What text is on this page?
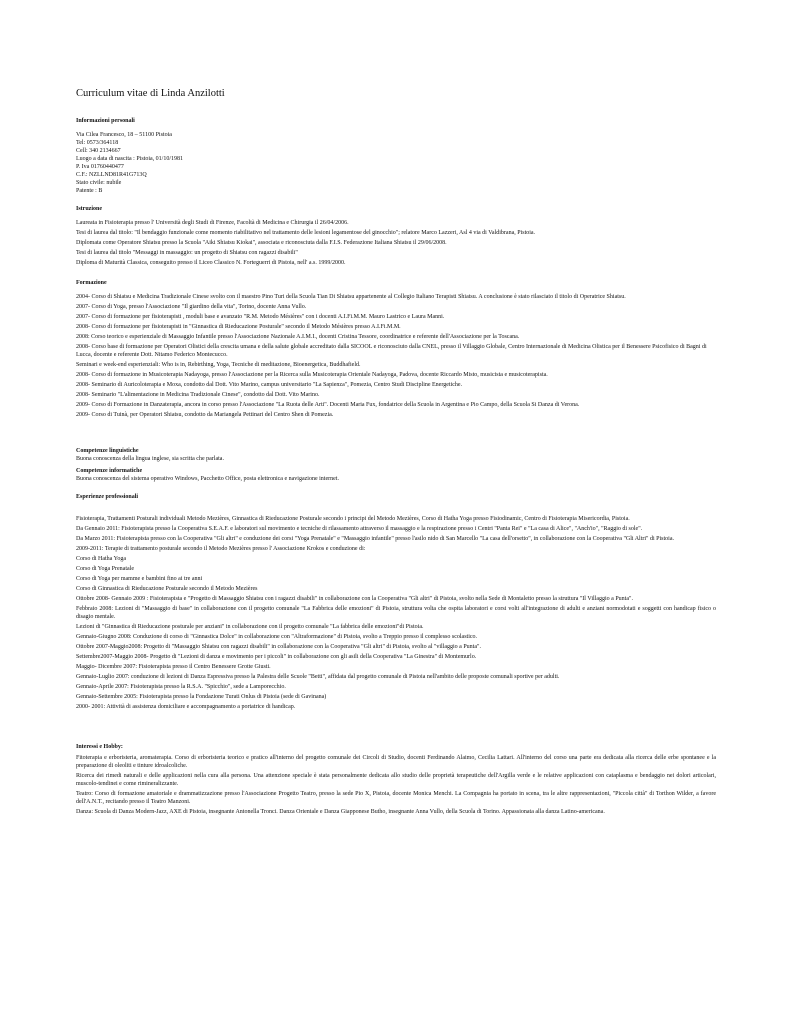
Curriculum vitae di Linda Anzilotti
Informazioni personali

Via Cilea Francesco, 18 – 51100 Pistoia

Tel: 0573/364118

Cell: 340 2134667

Luogo a data di nascita : Pistoia, 01/10/1981

P. Iva 01760440477

C.F.: NZLLND81R41G713Q

Stato civile: nubile

Patente : B

Istruzione

Laureata in Fisioterapia presso l' Università degli Studi di Firenze, Facoltà di Medicina e Chirurgia il 26/04/2006.

Tesi di laurea dal titolo: "Il bendaggio funzionale come momento riabilitativo nel trattamento delle lesioni legamentose del ginocchio"; relatore Marco Lazzeri, Asl 4 via di Valdibrana, Pistoia.

Diplomata come Operatore Shiatsu presso la Scuola "Aiki Shiatsu Kiokai", associata e riconosciuta dalla F.I.S. Federazione Italiana Shiatsu il 29/06/2008.

Tesi di laurea dal titolo "Messaggi in massaggio: un progetto di Shiatsu con ragazzi disabili"

Diploma di Maturità Classica, conseguito presso il Liceo Classico N. Forteguerri di Pistoia, nell' a.s. 1999/2000.

Formazione

2004- Corso di Shiatsu e Medicina Tradizionale Cinese svolto con il maestro Pino Turi della Scuola Tian Di Shiatsu appartenente al Collegio Italiano Terapisti Shiatsu. A conclusione è stato rilasciato il titolo di Operatrice Shiatsu.

2007- Corso di Yoga, presso l'Associazione "Il giardino della vita", Torino, docente Anna Vullo.

2007- Corso di formazione per fisioterapisti , moduli base e avanzato "R.M. Metodo Mésières" con i docenti A.I.Fi.M.M. Mauro Lastrico e Laura Manni.

2008- Corso di formazione per fisioterapisti in "Ginnastica di Rieducazione Posturale" secondo il Metodo Mésières presso A.I.Fi.M.M.

2008: Corso teorico e esperienziale di Massaggio Infantile presso l'Associazione Nazionale A.I.M.I., docenti Cristina Tessore, coordinatrice e referente dell'Associazione per la Toscana.

2008- Corso base di formazione per Operatori Olistici della crescita umana e della salute globale accreditato dalla SICOOL e riconosciuto dalla CNEL, presso il Villaggio Globale, Centro Internazionale di Medicina Olistica per il Benessere Psicofisico di Bagni di Lucca, docente e referente Dott. Nitamo Federico Montecucco.

Seminari e week-end esperienziali: Who is in, Rebirthing, Yoga, Tecniche di meditazione, Bioenergetica, Buddhafield.

2008- Corso di formazione in Musicoterapia Nadayoga, presso l'Associazione per la Ricerca sulla Musicoterapia Orientale Nadayoga, Padova, docente Riccardo Misto, musicista e musicoterapista.

2008- Seminario di Auricoloterapia e Moxa, condotto dal Dott. Vito Marino, campus universitario "La Sapienza", Pomezia, Centro Studi Discipline Energetiche.

2008- Seminario "L'alimentazione in Medicina Tradizionale Cinese", condotto dal Dott. Vito Marino.

2009- Corso di Formazione in Danzaterapia, ancora in corso presso l'Associazione "La Ruota delle Arti". Docenti Maria Fux, fondatrice della Scuola in Argentina e Pio Campo, della Scuola Si Danza di Verona.

2009- Corso di Tuinà, per Operatori Shiatsu, condotto da Mariangela Pettinari del Centro Shen di Pomezia.

Competenze linguistiche

Buona conoscenza della lingua inglese, sia scritta che parlata.

Competenze informatiche

Buona conoscenza del sistema operativo Windows, Pacchetto Office, posta elettronica e navigazione internet.

Esperienze professionali

Fisioterapia, Trattamenti Posturali individuali Metodo Mezières, Ginnastica di Rieducazione Posturale secondo i principi del Metodo Mezières, Corso di Hatha Yoga presso Fisiodinamic, Centro di Fisioterapia Misericordia, Pistoia.

Da Gennaio 2011: Fisioterapista presso la Cooperativa S.E.A.F. e laboratori sul movimento e tecniche di rilassamento attraverso il massaggio e la respirazione presso i Centri "Panta Rei" e "La casa di Alice", "Anch'io", "Raggio di sole".

Da Marzo 2011: Fisioterapista presso con la Cooperativa "Gli altri" e conduzione dei corsi "Yoga Prenatale" e "Massaggio infantile" presso l'asilo nido di San Marcello "La casa dell'orsetto", in collaborazione con la Cooperativa "Gli Altri" di Pistoia.

2009-2011: Terapie di trattamento posturale secondo il Metodo Mezières presso l' Associazione Krokos e conduzione di:

Corso di Hatha Yoga

Corso di Yoga Prenatale

Corso di Yoga per mamme e bambini fino ai tre anni

Corso di Ginnastica di Rieducazione Posturale secondo il Metodo Mezières

Ottobre 2008- Gennaio 2009 : Fisioterapista e "Progetto di Massaggio Shiatsu con i ragazzi disabili" in collaborazione con la Cooperativa "Gli altri" di Pistoia, svolto nella Sede di Montaletto presso la struttura "Il Villaggio a Punta".

Febbraio 2008: Lezioni di "Massaggio di base" in collaborazione con il progetto comunale "La Fabbrica delle emozioni" di Pistoia, struttura volta che ospita laboratori e corsi volti all'integrazione di adulti e anziani normodotati e soggetti con handicap fisico o disagio mentale.

Lezioni di "Ginnastica di Rieducazione posturale per anziani" in collaborazione con il progetto comunale "La fabbrica delle emozioni"di Pistoia.

Gennaio-Giugno 2008: Conduzione di corso di "Ginnastica Dolce" in collaborazione con "Altraformazione" di Pistoia, svolto a Treppio presso il complesso scolastico.

Ottobre 2007-Maggio2008: Progetto di "Massaggio Shiatsu con ragazzi disabili" in collaborazione con la Cooperativa "Gli altri" di Pistoia, svolto al "villaggio a Punta".

Settembre2007-Maggio 2008- Progetto di "Lezioni di danza e movimento per i piccoli" in collaborazione con gli asili della Cooperativa "La Ginestra" di Montemurlo.

Maggio- Dicembre 2007: Fisioterapista presso il Centro Benessere Grotte Giusti.

Gennaio-Luglio 2007: conduzione di lezioni di Danza Espressiva presso la Palestra delle Scuole "Betti", affidata dal progetto comunale di Pistoia nell'ambito delle proposte comunali sportive per adulti.

Gennaio-Aprile 2007: Fisioterapista presso la R.S.A. "Spicchio", sede a Lamporecchio.

Gennaio-Settembre 2005: Fisioterapista presso la Fondazione Turati Onlus di Pistoia (sede di Gavinana)

2000- 2001: Attività di assistenza domiciliare e accompagnamento a portatrice di handicap.

Interessi e Hobby:

Fitoterapia e erboristeria, aromaterapia. Corso di erboristeria teorico e pratico all'interno del progetto comunale dei Circoli di Studio, docenti Ferdinando Alaimo, Cecilia Lattari. All'interno del corso una parte era dedicata alla ricerca delle erbe spontanee e la preparazione di oleoliti e tinture idroalcoliche.

Ricerca dei rimedi naturali e delle applicazioni nella cura alla persona. Una attenzione speciale è stata personalmente dedicata allo studio delle proprietà terapeutiche dell'Argilla verde e le relative applicazioni con cataplasma e bendaggio nei dolori articolari, muscolo-tendinei e come rimineralizzante.

Teatro: Corso di formazione amatoriale e drammatizzazione presso l'Associazione Progetto Teatro, presso la sede Pio X, Pistoia, docente Monica Menchi. La Compagnia ha portato in scena, tra le altre rappresentazioni, "Piccola città" di Torthon Wilder, a favore dell'A.N.T., recitando presso il Teatro Manzoni.

Danza: Scuola di Danza Modern-Jazz, AXE di Pistoia, insegnante Antonella Tronci. Danza Orientale e Danza Giapponese Butho, insegnante Anna Vullo, della Scuola di Torino. Appassionata alla danza Latino-americana.
